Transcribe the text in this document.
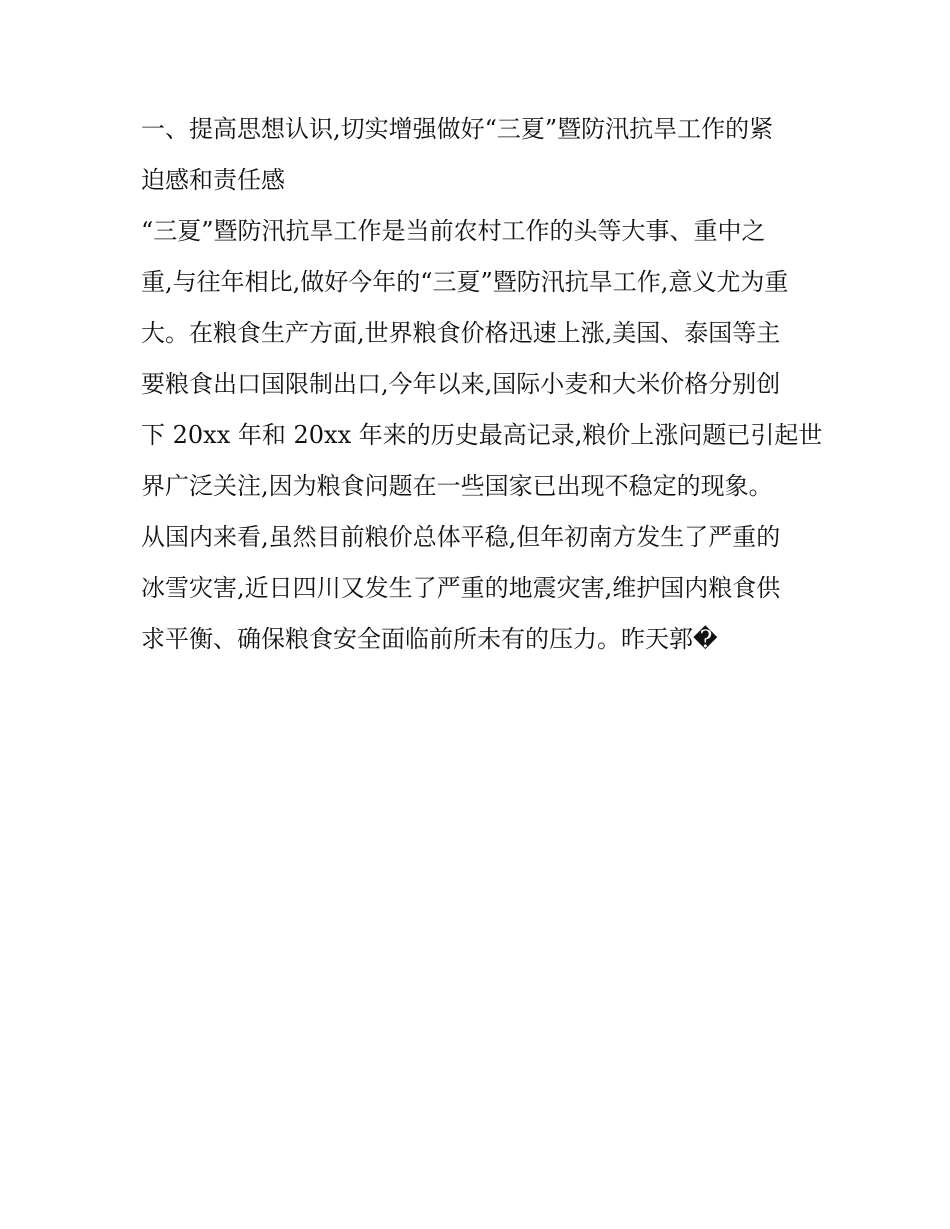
一、提高思想认识,切实增强做好“三夏”暨防汛抗旱工作的紧
迫感和责任感
“三夏”暨防汛抗旱工作是当前农村工作的头等大事、重中之
重,与往年相比,做好今年的“三夏”暨防汛抗旱工作,意义尤为重
大。在粮食生产方面,世界粮食价格迅速上涨,美国、泰国等主
要粮食出口国限制出口,今年以来,国际小麦和大米价格分别创
下 20xx 年和 20xx 年来的历史最高记录,粮价上涨问题已引起世
界广泛关注,因为粮食问题在一些国家已出现不稳定的现象。
从国内来看,虽然目前粮价总体平稳,但年初南方发生了严重的
冰雪灾害,近日四川又发生了严重的地震灾害,维护国内粮食供
求平衡、确保粮食安全面临前所未有的压力。昨天郭�
